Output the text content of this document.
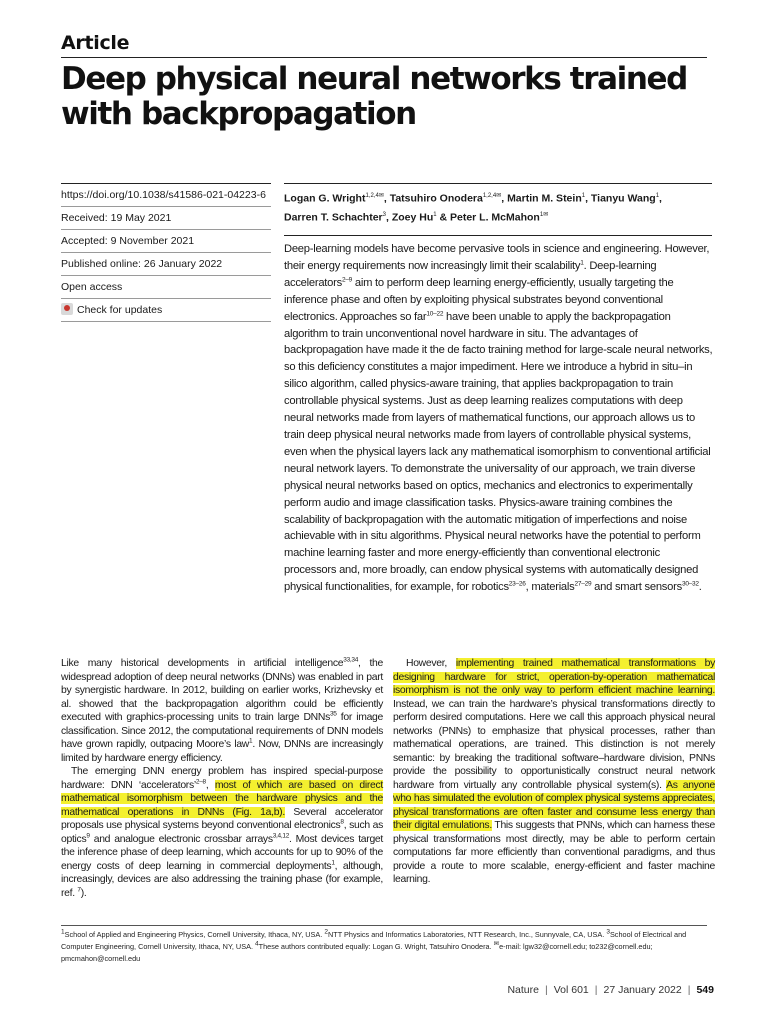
Article
Deep physical neural networks trained with backpropagation
https://doi.org/10.1038/s41586-021-04223-6
Received: 19 May 2021
Accepted: 9 November 2021
Published online: 26 January 2022
Open access
Check for updates
Logan G. Wright$^{1,2,4✉}$, Tatsuhiro Onodera$^{1,2,4✉}$, Martin M. Stein$^1$, Tianyu Wang$^1$,
Darren T. Schachter$^3$, Zoey Hu$^1$ & Peter L. McMahon$^{1✉}$

Deep-learning models have become pervasive tools in science and engineering. However, their energy requirements now increasingly limit their scalability$^1$. Deep-learning accelerators$^{2-9}$ aim to perform deep learning energy-efficiently, usually targeting the inference phase and often by exploiting physical substrates beyond conventional electronics. Approaches so far$^{10-22}$ have been unable to apply the backpropagation algorithm to train unconventional novel hardware in situ. The advantages of backpropagation have made it the de facto training method for large-scale neural networks, so this deficiency constitutes a major impediment. Here we introduce a hybrid in situ–in silico algorithm, called physics-aware training, that applies backpropagation to train controllable physical systems. Just as deep learning realizes computations with deep neural networks made from layers of mathematical functions, our approach allows us to train deep physical neural networks made from layers of controllable physical systems, even when the physical layers lack any mathematical isomorphism to conventional artificial neural network layers. To demonstrate the universality of our approach, we train diverse physical neural networks based on optics, mechanics and electronics to experimentally perform audio and image classification tasks. Physics-aware training combines the scalability of backpropagation with the automatic mitigation of imperfections and noise achievable with in situ algorithms. Physical neural networks have the potential to perform machine learning faster and more energy-efficiently than conventional electronic processors and, more broadly, can endow physical systems with automatically designed physical functionalities, for example, for robotics$^{23-26}$, materials$^{27-29}$ and smart sensors$^{30-32}$.

Like many historical developments in artificial intelligence$^{33,34}$, the widespread adoption of deep neural networks (DNNs) was enabled in part by synergistic hardware. In 2012, building on earlier works, Krizhevsky et al. showed that the backpropagation algorithm could be efficiently executed with graphics-processing units to train large DNNs$^{35}$ for image classification. Since 2012, the computational requirements of DNN models have grown rapidly, outpacing Moore’s law$^1$. Now, DNNs are increasingly limited by hardware energy efficiency.
The emerging DNN energy problem has inspired special-purpose hardware: DNN ‘accelerators’$^{2-8}$, most of which are based on direct mathematical isomorphism between the hardware physics and the mathematical operations in DNNs (Fig. 1a,b). Several accelerator proposals use physical systems beyond conventional electronics$^8$, such as optics$^9$ and analogue electronic crossbar arrays$^{3,4,12}$. Most devices target the inference phase of deep learning, which accounts for up to 90% of the energy costs of deep learning in commercial deployments$^1$, although, increasingly, devices are also addressing the training phase (for example, ref. $^7$).

However, implementing trained mathematical transformations by designing hardware for strict, operation-by-operation mathematical isomorphism is not the only way to perform efficient machine learning. Instead, we can train the hardware’s physical transformations directly to perform desired computations. Here we call this approach physical neural networks (PNNs) to emphasize that physical processes, rather than mathematical operations, are trained. This distinction is not merely semantic: by breaking the traditional software–hardware division, PNNs provide the possibility to opportunistically construct neural network hardware from virtually any controllable physical system(s). As anyone who has simulated the evolution of complex physical systems appreciates, physical transformations are often faster and consume less energy than their digital emulations. This suggests that PNNs, which can harness these physical transformations most directly, may be able to perform certain computations far more efficiently than conventional paradigms, and thus provide a route to more scalable, energy-efficient and faster machine learning.

$^1$School of Applied and Engineering Physics, Cornell University, Ithaca, NY, USA. $^2$NTT Physics and Informatics Laboratories, NTT Research, Inc., Sunnyvale, CA, USA. $^3$School of Electrical and Computer Engineering, Cornell University, Ithaca, NY, USA. $^4$These authors contributed equally: Logan G. Wright, Tatsuhiro Onodera. ✉e-mail: lgw32@cornell.edu; to232@cornell.edu; pmcmahon@cornell.edu

Nature | Vol 601 | 27 January 2022 | 549
